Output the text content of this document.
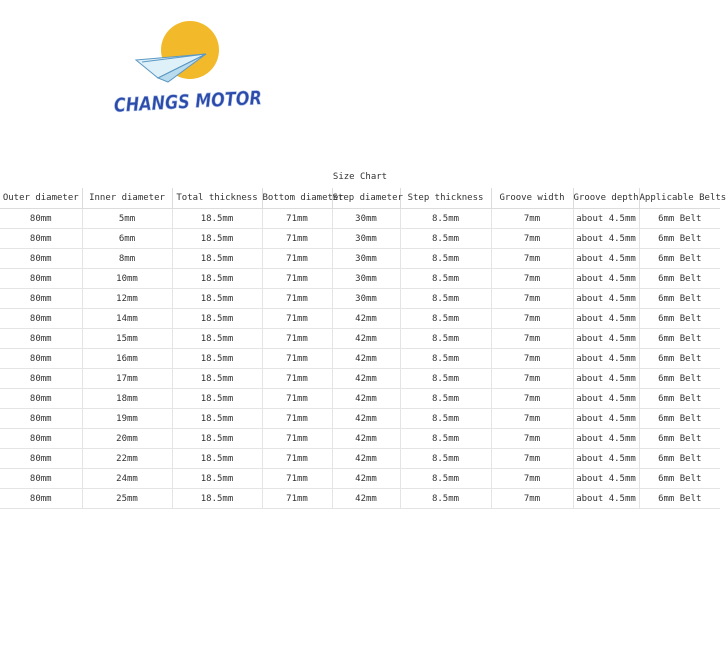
CHANGS MOTOR
Size Chart
Outer diameter	Inner diameter	Total thickness	Bottom diameter	Step diameter	Step thickness	Groove width	Groove depth	Applicable Belts
80mm	5mm	18.5mm	71mm	30mm	8.5mm	7mm	about 4.5mm	6mm Belt
80mm	6mm	18.5mm	71mm	30mm	8.5mm	7mm	about 4.5mm	6mm Belt
80mm	8mm	18.5mm	71mm	30mm	8.5mm	7mm	about 4.5mm	6mm Belt
80mm	10mm	18.5mm	71mm	30mm	8.5mm	7mm	about 4.5mm	6mm Belt
80mm	12mm	18.5mm	71mm	30mm	8.5mm	7mm	about 4.5mm	6mm Belt
80mm	14mm	18.5mm	71mm	42mm	8.5mm	7mm	about 4.5mm	6mm Belt
80mm	15mm	18.5mm	71mm	42mm	8.5mm	7mm	about 4.5mm	6mm Belt
80mm	16mm	18.5mm	71mm	42mm	8.5mm	7mm	about 4.5mm	6mm Belt
80mm	17mm	18.5mm	71mm	42mm	8.5mm	7mm	about 4.5mm	6mm Belt
80mm	18mm	18.5mm	71mm	42mm	8.5mm	7mm	about 4.5mm	6mm Belt
80mm	19mm	18.5mm	71mm	42mm	8.5mm	7mm	about 4.5mm	6mm Belt
80mm	20mm	18.5mm	71mm	42mm	8.5mm	7mm	about 4.5mm	6mm Belt
80mm	22mm	18.5mm	71mm	42mm	8.5mm	7mm	about 4.5mm	6mm Belt
80mm	24mm	18.5mm	71mm	42mm	8.5mm	7mm	about 4.5mm	6mm Belt
80mm	25mm	18.5mm	71mm	42mm	8.5mm	7mm	about 4.5mm	6mm Belt
